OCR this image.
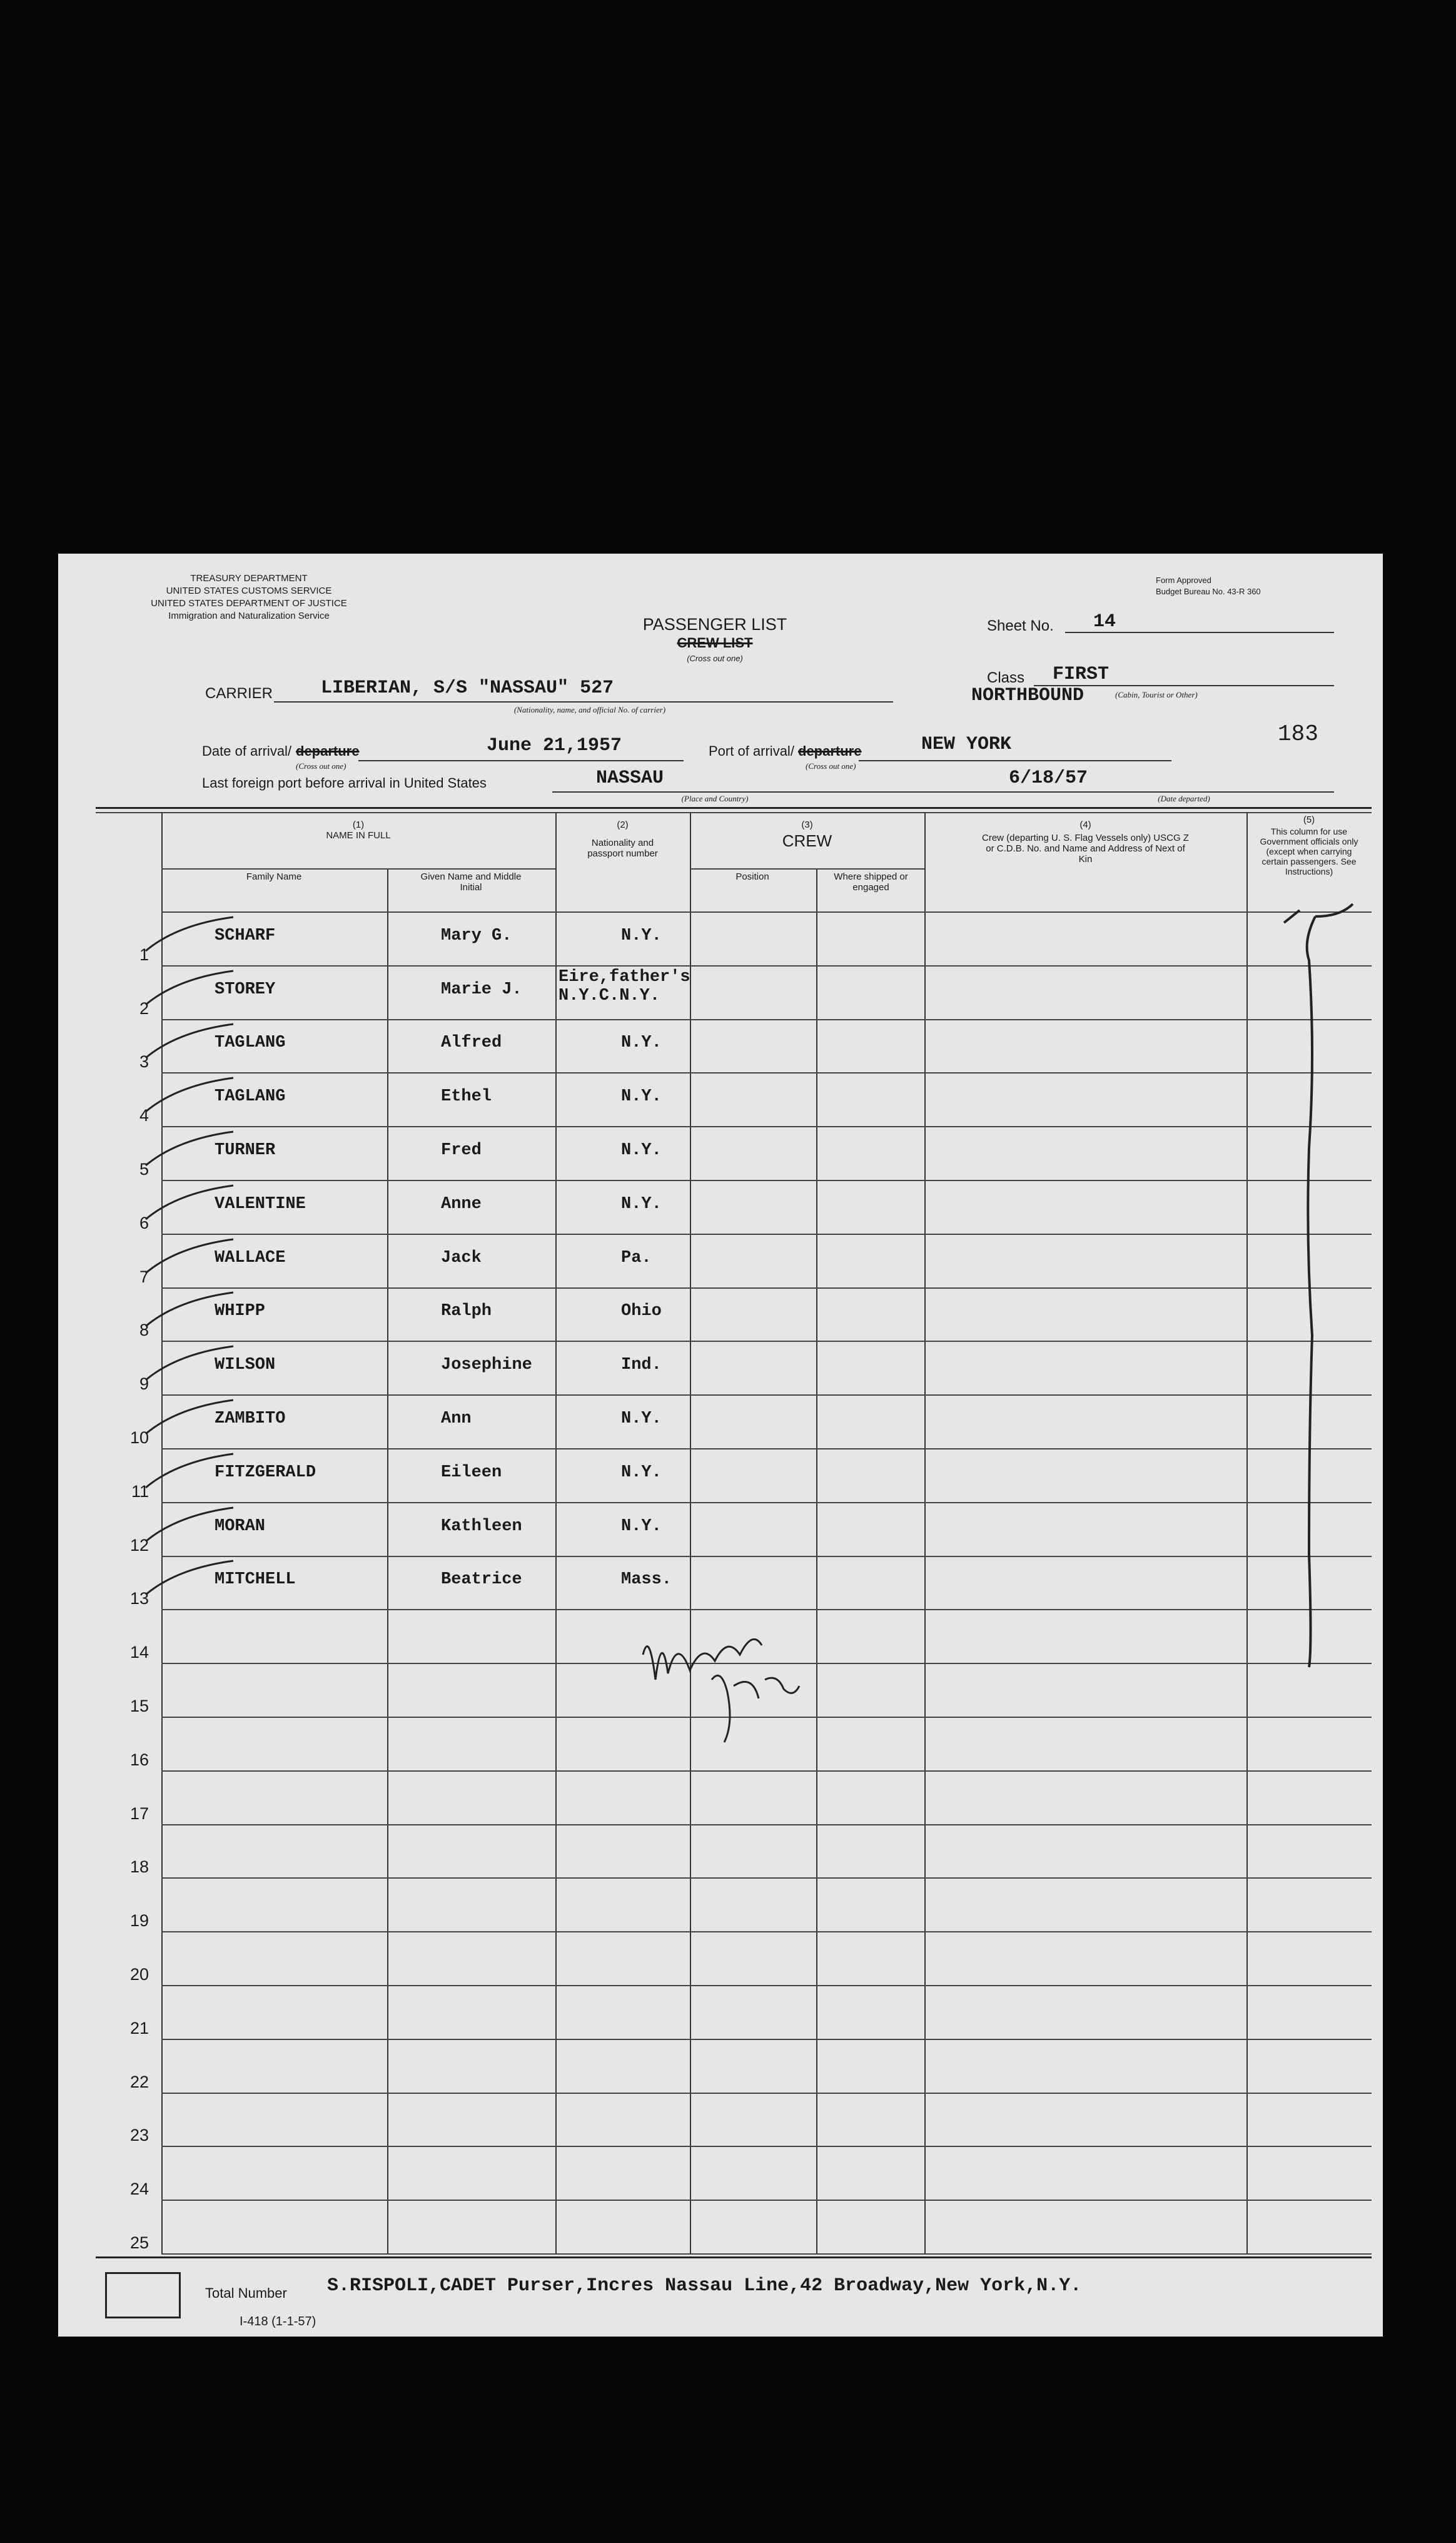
TREASURY DEPARTMENT
UNITED STATES CUSTOMS SERVICE
UNITED STATES DEPARTMENT OF JUSTICE
Immigration and Naturalization Service
Form Approved
Budget Bureau No. 43-R 360
PASSENGER LIST
CREW LIST
(Cross out one)
Sheet No. 14
CARRIER	LIBERIAN, S/S "NASSAU" 527
(Nationality, name, and official No. of carrier)
Class FIRST
NORTHBOUND	(Cabin, Tourist or Other)
Date of arrival/ departure	June 21,1957
(Cross out one)
Port of arrival/ departure	NEW YORK
(Cross out one)
183
Last foreign port before arrival in United States	NASSAU
(Place and Country)
6/18/57
(Date departed)
(1)
NAME IN FULL
Family Name	Given Name and Middle Initial
(2)
Nationality and passport number
(3)
CREW
Position	Where shipped or engaged
(4)
Crew (departing U. S. Flag Vessels only) USCG Z or C.D.B. No. and Name and Address of Next of Kin
(5)
This column for use Government officials only (except when carrying certain passengers. See Instructions)
1
SCHARF	Mary G.	N.Y.
2
STOREY	Marie J.
Eire,father's
N.Y.C.N.Y.
3
TAGLANG	Alfred	N.Y.
4
TAGLANG	Ethel	N.Y.
5
TURNER	Fred	N.Y.
6
VALENTINE	Anne	N.Y.
7
WALLACE	Jack	Pa.
8
WHIPP	Ralph	Ohio
9
WILSON	Josephine	Ind.
10
ZAMBITO	Ann	N.Y.
11
FITZGERALD	Eileen	N.Y.
12
MORAN	Kathleen	N.Y.
13
MITCHELL	Beatrice	Mass.
14
15
16
17
18
19
20
21
22
23
24
25
Total Number S.RISPOLI,CADET Purser,Incres Nassau Line,42 Broadway,New York,N.Y.
I-418 (1-1-57)
